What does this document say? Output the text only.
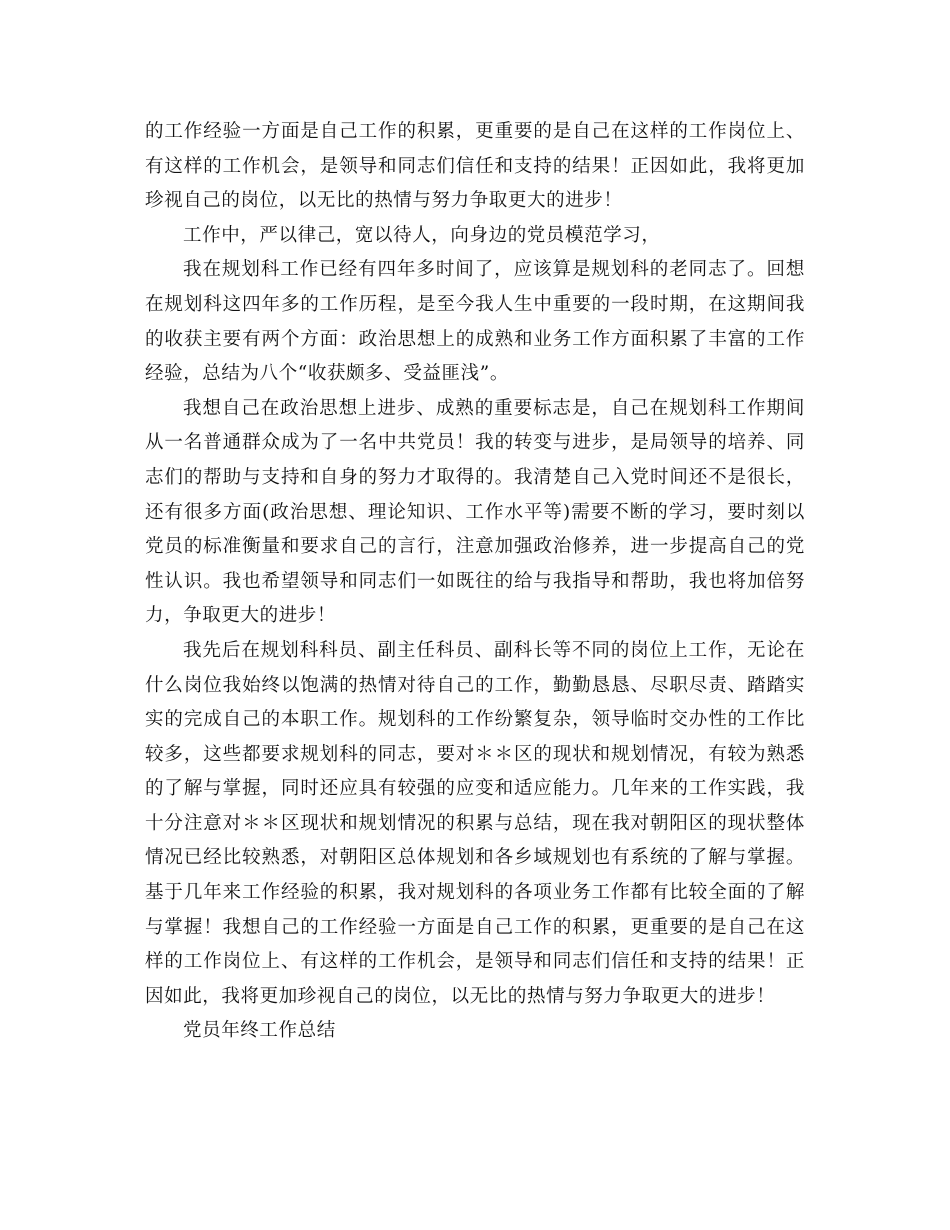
的工作经验一方面是自己工作的积累，更重要的是自己在这样的工作岗位上、有这样的工作机会，是领导和同志们信任和支持的结果！正因如此，我将更加珍视自己的岗位，以无比的热情与努力争取更大的进步！

工作中，严以律己，宽以待人，向身边的党员模范学习，

我在规划科工作已经有四年多时间了，应该算是规划科的老同志了。回想在规划科这四年多的工作历程，是至今我人生中重要的一段时期，在这期间我的收获主要有两个方面：政治思想上的成熟和业务工作方面积累了丰富的工作经验，总结为八个“收获颇多、受益匪浅”。

我想自己在政治思想上进步、成熟的重要标志是，自己在规划科工作期间从一名普通群众成为了一名中共党员！我的转变与进步，是局领导的培养、同志们的帮助与支持和自身的努力才取得的。我清楚自己入党时间还不是很长，还有很多方面(政治思想、理论知识、工作水平等)需要不断的学习，要时刻以党员的标准衡量和要求自己的言行，注意加强政治修养，进一步提高自己的党性认识。我也希望领导和同志们一如既往的给与我指导和帮助，我也将加倍努力，争取更大的进步！

我先后在规划科科员、副主任科员、副科长等不同的岗位上工作，无论在什么岗位我始终以饱满的热情对待自己的工作，勤勤恳恳、尽职尽责、踏踏实实的完成自己的本职工作。规划科的工作纷繁复杂，领导临时交办性的工作比较多，这些都要求规划科的同志，要对＊＊区的现状和规划情况，有较为熟悉的了解与掌握，同时还应具有较强的应变和适应能力。几年来的工作实践，我十分注意对＊＊区现状和规划情况的积累与总结，现在我对朝阳区的现状整体情况已经比较熟悉，对朝阳区总体规划和各乡域规划也有系统的了解与掌握。基于几年来工作经验的积累，我对规划科的各项业务工作都有比较全面的了解与掌握！我想自己的工作经验一方面是自己工作的积累，更重要的是自己在这样的工作岗位上、有这样的工作机会，是领导和同志们信任和支持的结果！正因如此，我将更加珍视自己的岗位，以无比的热情与努力争取更大的进步！

党员年终工作总结
